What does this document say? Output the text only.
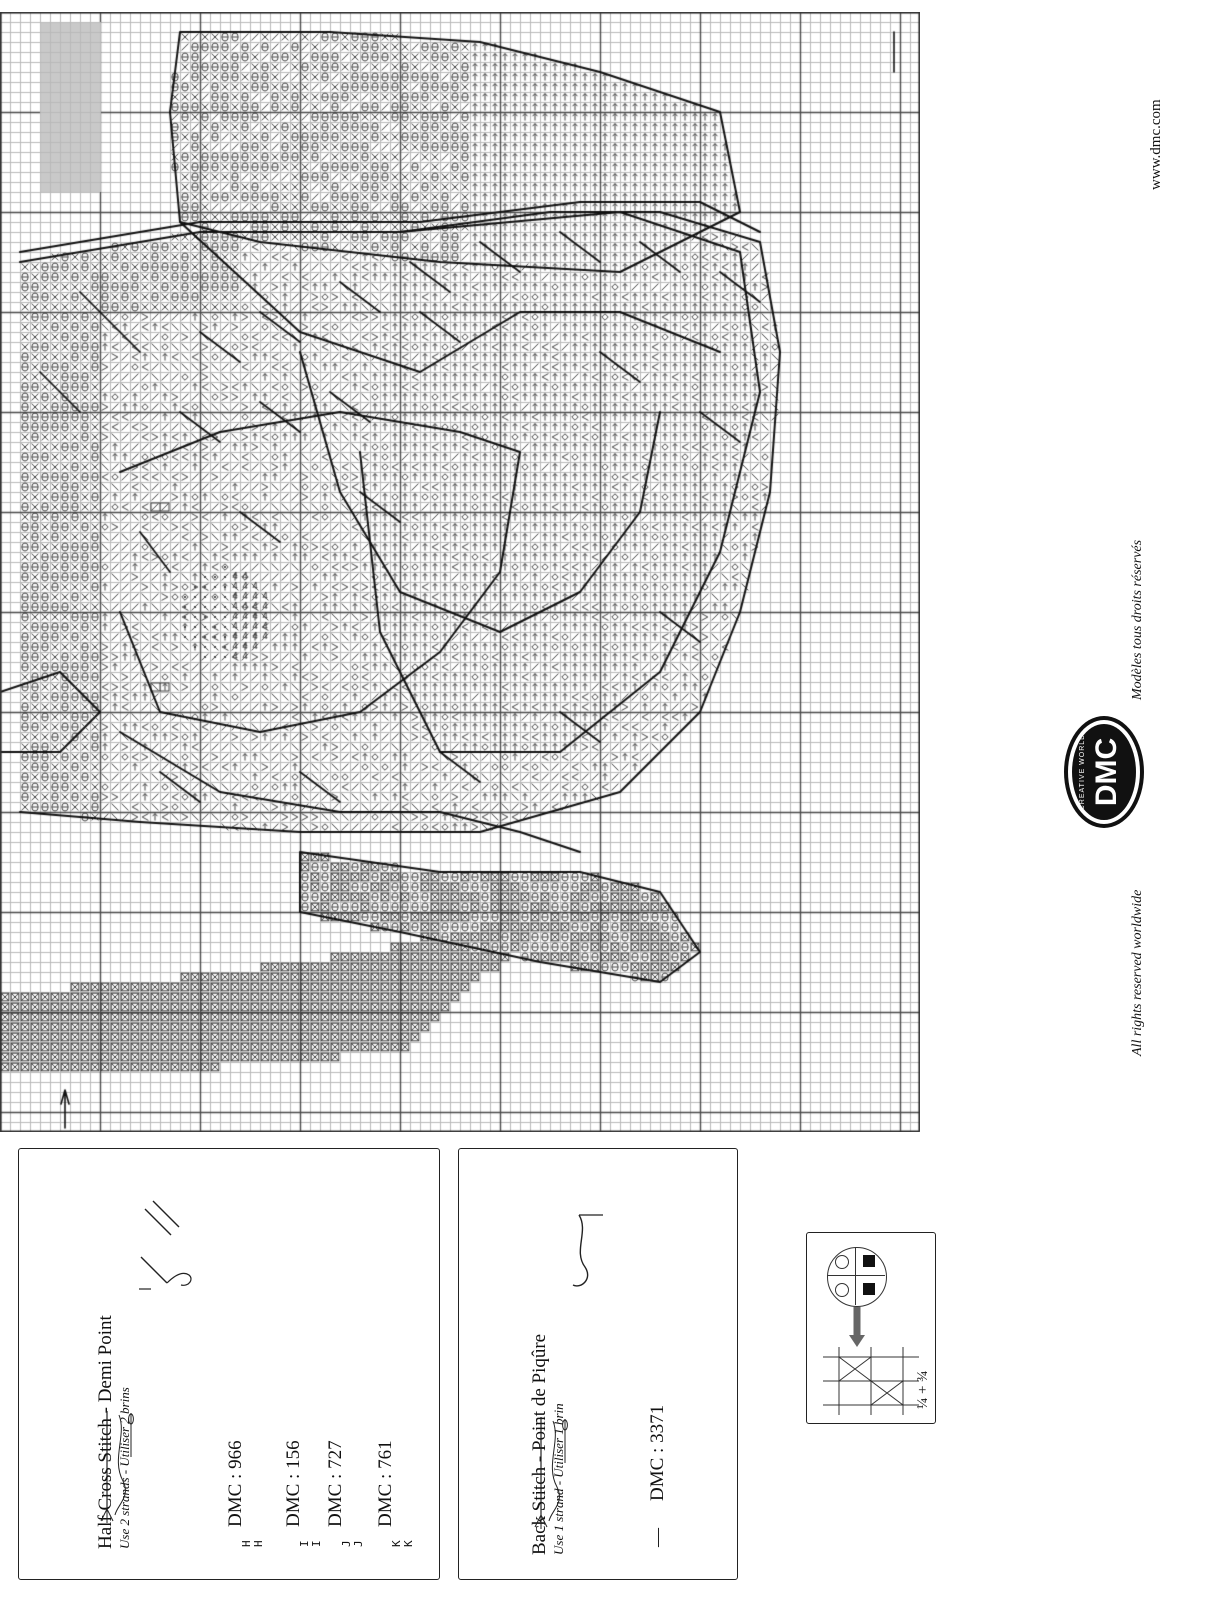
Half Cross Stitch - Demi Point Use 2 strands - Utiliser 2 brins	H H
DMC : 966
I I
DMC : 156
J J
DMC : 727
K K
DMC : 761	Back Stitch - Point de Piqûre Use 1 strand - Utiliser 1 brin	—
DMC : 3371
¼ + ¾
www.dmc.com
Modèles tous droits réservés
All rights reserved worldwide
DMC
CREATIVE WORLD
